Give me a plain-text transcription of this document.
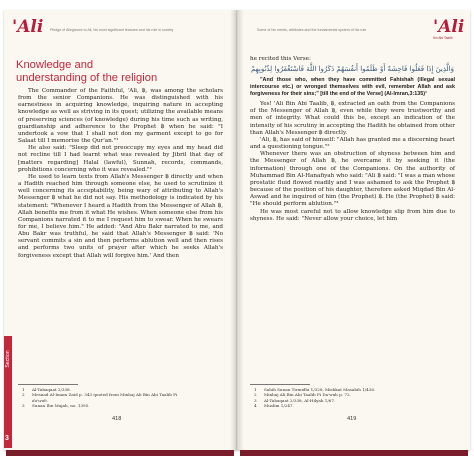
'Ali Pledge of Allegiance to Ali, his most significant features and his role in society
Knowledge and
understanding of the religion

The Commander of the Faithful, 'Ali, ฿, was among the scholars from the senior Companions. He was distinguished with his earnestness in acquiring knowledge, inquiring nature in accepting knowledge as well as striving in its quest; utilizing the available means of preserving sciences (of knowledge) during his time such as writing, guardianship and adherence to the Prophet ฿ when he said: "I undertook a vow that I shall not don my garment except to go for Salaat till I memorise the Qur'an."¹

He also said: "Sleep did not preoccupy my eyes and my head did not recline till I had learnt what was revealed by Jibril that day of [matters regarding] Halal (lawful), Sunnah, records, commands, prohibitions concerning who it was revealed."²

He used to learn texts from Allah's Messenger ฿ directly and when a Hadith reached him through someone else, he used to scrutinize it well concerning its acceptability, being wary of attributing to Allah's Messenger ฿ what he did not say. His methodology is indicated by his statement: "Whenever I heard a Hadith from the Messenger of Allah ฿, Allah benefits me from it what He wishes. When someone else from his Companions narrated it to me I request him to swear. When he swears for me, I believe him." He added: "And Abu Bakr narrated to me, and Abu Bakr was truthful, he said that Allah's Messenger ฿ said: 'No servant commits a sin and then performs ablution well and then rises and performs two units of prayer after which he seeks Allah's forgiveness except that Allah will forgive him.' And then

1 Al-Tabaqaat 2/338.
2 Mesnad Al-Imam Zaid p. 343 quoted from Minhaj Ali Bin Abi Taalib Fi
da'wah.
3 Sunan Ibn Majah, no. 1395.
418
Section
3
Some of his merits, attributes and the fundamental system of his rule	'Ali
Ibn Abi Taalib

he recited this Verse:

وَالَّذِينَ إِذَا فَعَلُوا فَاحِشَةً أَوْ ظَلَمُوا أَنفُسَهُمْ ذَكَرُوا اللَّهَ فَاسْتَغْفَرُوا لِذُنُوبِهِمْ

"And those who, when they have committed Fahishah (illegal sexual intercourse etc.) or wronged themselves with evil, remember Allah and ask forgiveness for their sins;" [till the end of the Verse] (Al-Imran,3:135)¹

Yes! 'Ali Bin Abi Taalib, ฿, extracted an oath from the Companions of the Messenger of Allah ฿, even while they were trustworthy and men of integrity. What could this be, except an indication of the intensity of his scrutiny in accepting the Hadith he obtained from other than Allah's Messenger ฿ directly.

'Ali, ฿, has said of himself: "Allah has granted me a discerning heart and a questioning tongue."²

Whenever there was an obstruction of shyness between him and the Messenger of Allah ฿, he overcame it by seeking it (the information) through one of the Companions. On the authority of Muhammad Bin Al-Hanafiyah who said: "Ali ฿ said: "I was a man whose prostatic fluid flowed readily and I was ashamed to ask the Prophet ฿ because of the position of his daughter, therefore asked Miqdad Bin Al-Aswad and he inquired of him (the Prophet) ฿. He (the Prophet) ฿ said: "He should perform ablution."³

He was most careful not to allow knowledge slip from him due to shyness. He said: "Never allow your choice, let him

1 Sahih Sunan Tirmidhi 1/328, Mishkat Masabih 1/436.
2 Minhaj Ali Bin Abi Taalib Fi Da'wah p. 72.
3 Al-Tabaqaat 2/338, Al-Hilyah 1/67.
4 Muslim 1/247.
419
